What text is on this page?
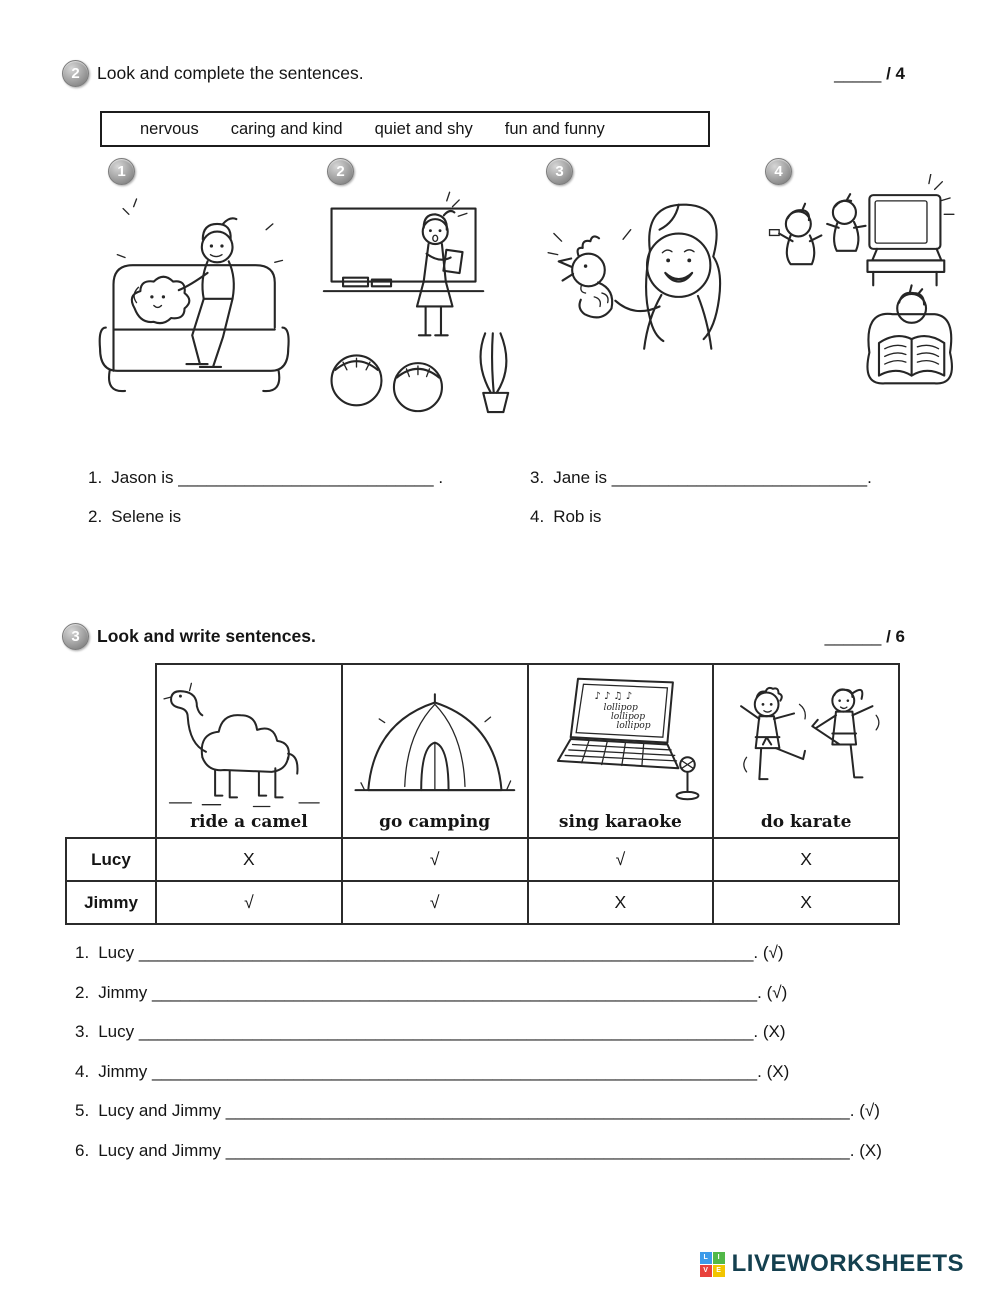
2 Look and complete the sentences.	_____ / 4
nervous caring and kind quiet and shy fun and funny
1	2	3	4

1. Jason is ___________________________ .	3. Jane is ___________________________.

2. Selene is	4. Rob is

3 Look and write sentences.	______ / 6

	ride a camel	go camping	♪ ♪ ♫ ♪
lollipop
lollipop
lollipop
sing karaoke	do karate

Lucy	X	√	√	X
Jimmy	√	√	X	X

1. Lucy _________________________________________________________________. (√)

2. Jimmy ________________________________________________________________. (√)

3. Lucy _________________________________________________________________. (X)

4. Jimmy ________________________________________________________________. (X)

5. Lucy and Jimmy __________________________________________________________________. (√)

6. Lucy and Jimmy __________________________________________________________________. (X)

L	I
V	E LIVEWORKSHEETS
